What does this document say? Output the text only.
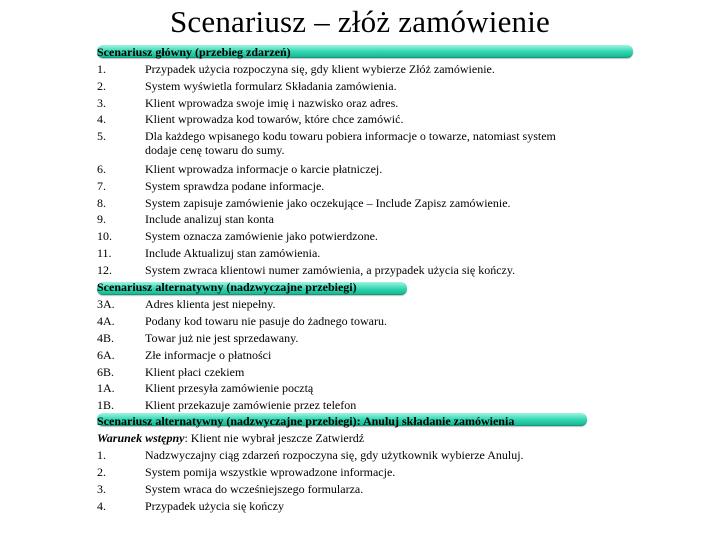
Scenariusz – złóż zamówienie
Scenariusz główny (przebieg zdarzeń)
1.	Przypadek użycia rozpoczyna się, gdy klient wybierze Złóż zamówienie.
2.	System wyświetla formularz Składania zamówienia.
3.	Klient wprowadza swoje imię i nazwisko oraz adres.
4.	Klient wprowadza kod towarów, które chce zamówić.
5.	Dla każdego wpisanego kodu towaru pobiera informacje o towarze, natomiast system
dodaje cenę towaru do sumy.
6.	Klient wprowadza informacje o karcie płatniczej.
7.	System sprawdza podane informacje.
8.	System zapisuje zamówienie jako oczekujące – Include Zapisz zamówienie.
9.	Include analizuj stan konta
10.	System oznacza zamówienie jako potwierdzone.
11.	Include Aktualizuj stan zamówienia.
12.	System zwraca klientowi numer zamówienia, a przypadek użycia się kończy.
Scenariusz alternatywny (nadzwyczajne przebiegi)
3A.	Adres klienta jest niepełny.
4A.	Podany kod towaru nie pasuje do żadnego towaru.
4B.	Towar już nie jest sprzedawany.
6A.	Złe informacje o płatności
6B.	Klient płaci czekiem
1A.	Klient przesyła zamówienie pocztą
1B.	Klient przekazuje zamówienie przez telefon
Scenariusz alternatywny (nadzwyczajne przebiegi): Anuluj składanie zamówienia
Warunek wstępny: Klient nie wybrał jeszcze Zatwierdź
1.	Nadzwyczajny ciąg zdarzeń rozpoczyna się, gdy użytkownik wybierze Anuluj.
2.	System pomija wszystkie wprowadzone informacje.
3.	System wraca do wcześniejszego formularza.
4.	Przypadek użycia się kończy
